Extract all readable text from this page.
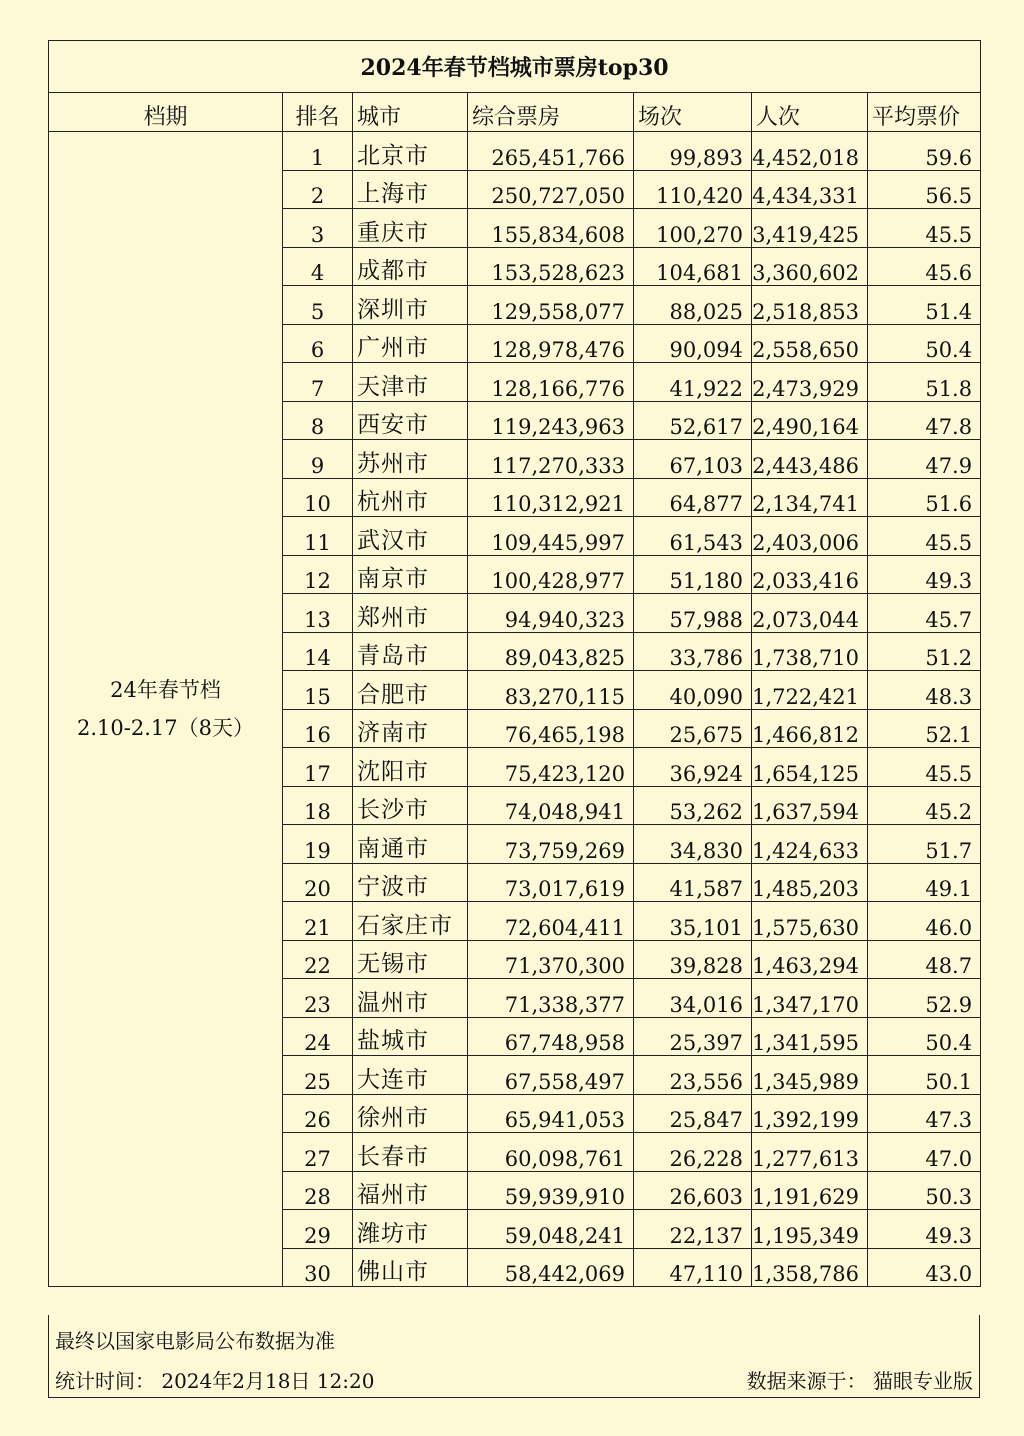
2024年春节档城市票房top30						
档期	排名	城市	综合票房	场次	人次	平均票价

24年春节档
2.10-2.17（8天）	1	北京市	265,451,766	99,893	4,452,018	59.6
	2	上海市	250,727,050	110,420	4,434,331	56.5
	3	重庆市	155,834,608	100,270	3,419,425	45.5
	4	成都市	153,528,623	104,681	3,360,602	45.6
	5	深圳市	129,558,077	88,025	2,518,853	51.4
	6	广州市	128,978,476	90,094	2,558,650	50.4
	7	天津市	128,166,776	41,922	2,473,929	51.8
	8	西安市	119,243,963	52,617	2,490,164	47.8
	9	苏州市	117,270,333	67,103	2,443,486	47.9
	10	杭州市	110,312,921	64,877	2,134,741	51.6
	11	武汉市	109,445,997	61,543	2,403,006	45.5
	12	南京市	100,428,977	51,180	2,033,416	49.3
	13	郑州市	94,940,323	57,988	2,073,044	45.7
	14	青岛市	89,043,825	33,786	1,738,710	51.2
	15	合肥市	83,270,115	40,090	1,722,421	48.3
	16	济南市	76,465,198	25,675	1,466,812	52.1
	17	沈阳市	75,423,120	36,924	1,654,125	45.5
	18	长沙市	74,048,941	53,262	1,637,594	45.2
	19	南通市	73,759,269	34,830	1,424,633	51.7
	20	宁波市	73,017,619	41,587	1,485,203	49.1
	21	石家庄市	72,604,411	35,101	1,575,630	46.0
	22	无锡市	71,370,300	39,828	1,463,294	48.7
	23	温州市	71,338,377	34,016	1,347,170	52.9
	24	盐城市	67,748,958	25,397	1,341,595	50.4
	25	大连市	67,558,497	23,556	1,345,989	50.1
	26	徐州市	65,941,053	25,847	1,392,199	47.3
	27	长春市	60,098,761	26,228	1,277,613	47.0
	28	福州市	59,939,910	26,603	1,191,629	50.3
	29	潍坊市	59,048,241	22,137	1,195,349	49.3
	30	佛山市	58,442,069	47,110	1,358,786	43.0
最终以国家电影局公布数据为准
统计时间： 2024年2月18日 12:20	数据来源于： 猫眼专业版
